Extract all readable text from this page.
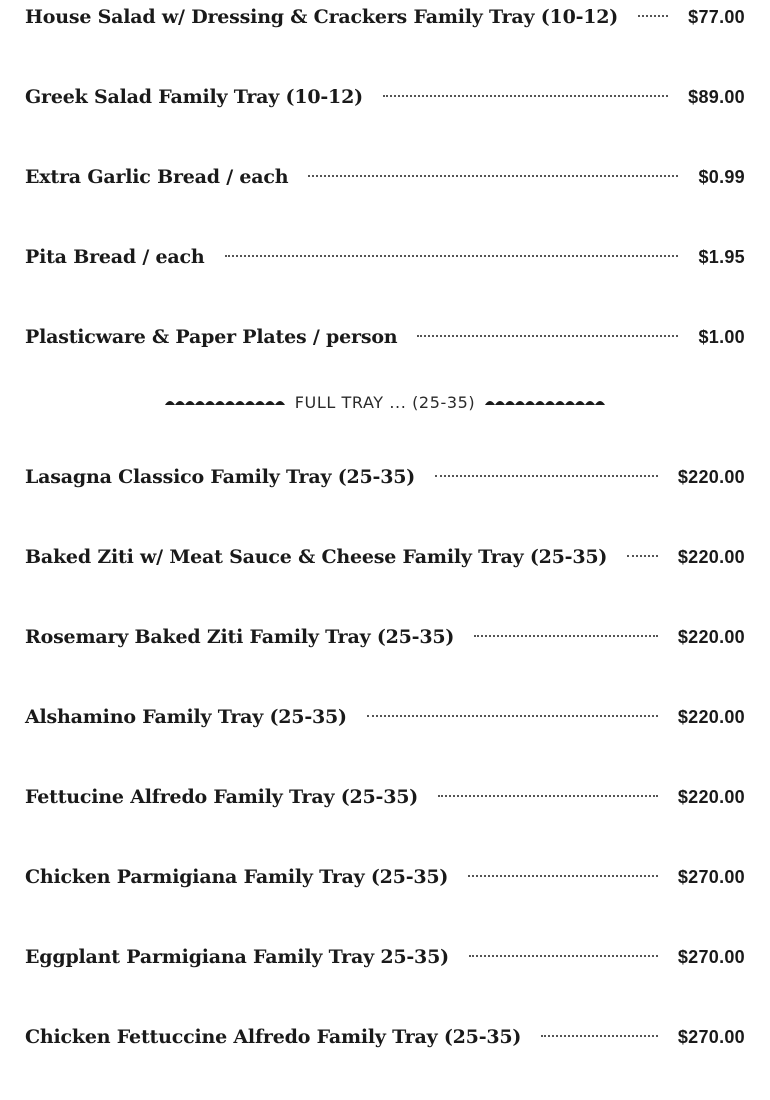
House Salad w/ Dressing & Crackers Family Tray (10-12)	$77.00
Greek Salad Family Tray (10-12)	$89.00
Extra Garlic Bread / each	$0.99
Pita Bread / each	$1.95
Plasticware & Paper Plates / person	$1.00
Lasagna Classico Family Tray (25-35)	$220.00
Baked Ziti w/ Meat Sauce & Cheese Family Tray (25-35)	$220.00
Rosemary Baked Ziti Family Tray (25-35)	$220.00
Alshamino Family Tray (25-35)	$220.00
Fettucine Alfredo Family Tray (25-35)	$220.00
Chicken Parmigiana Family Tray (25-35)	$270.00
Eggplant Parmigiana Family Tray 25-35)	$270.00
Chicken Fettuccine Alfredo Family Tray (25-35)	$270.00
FULL TRAY ... (25-35)
